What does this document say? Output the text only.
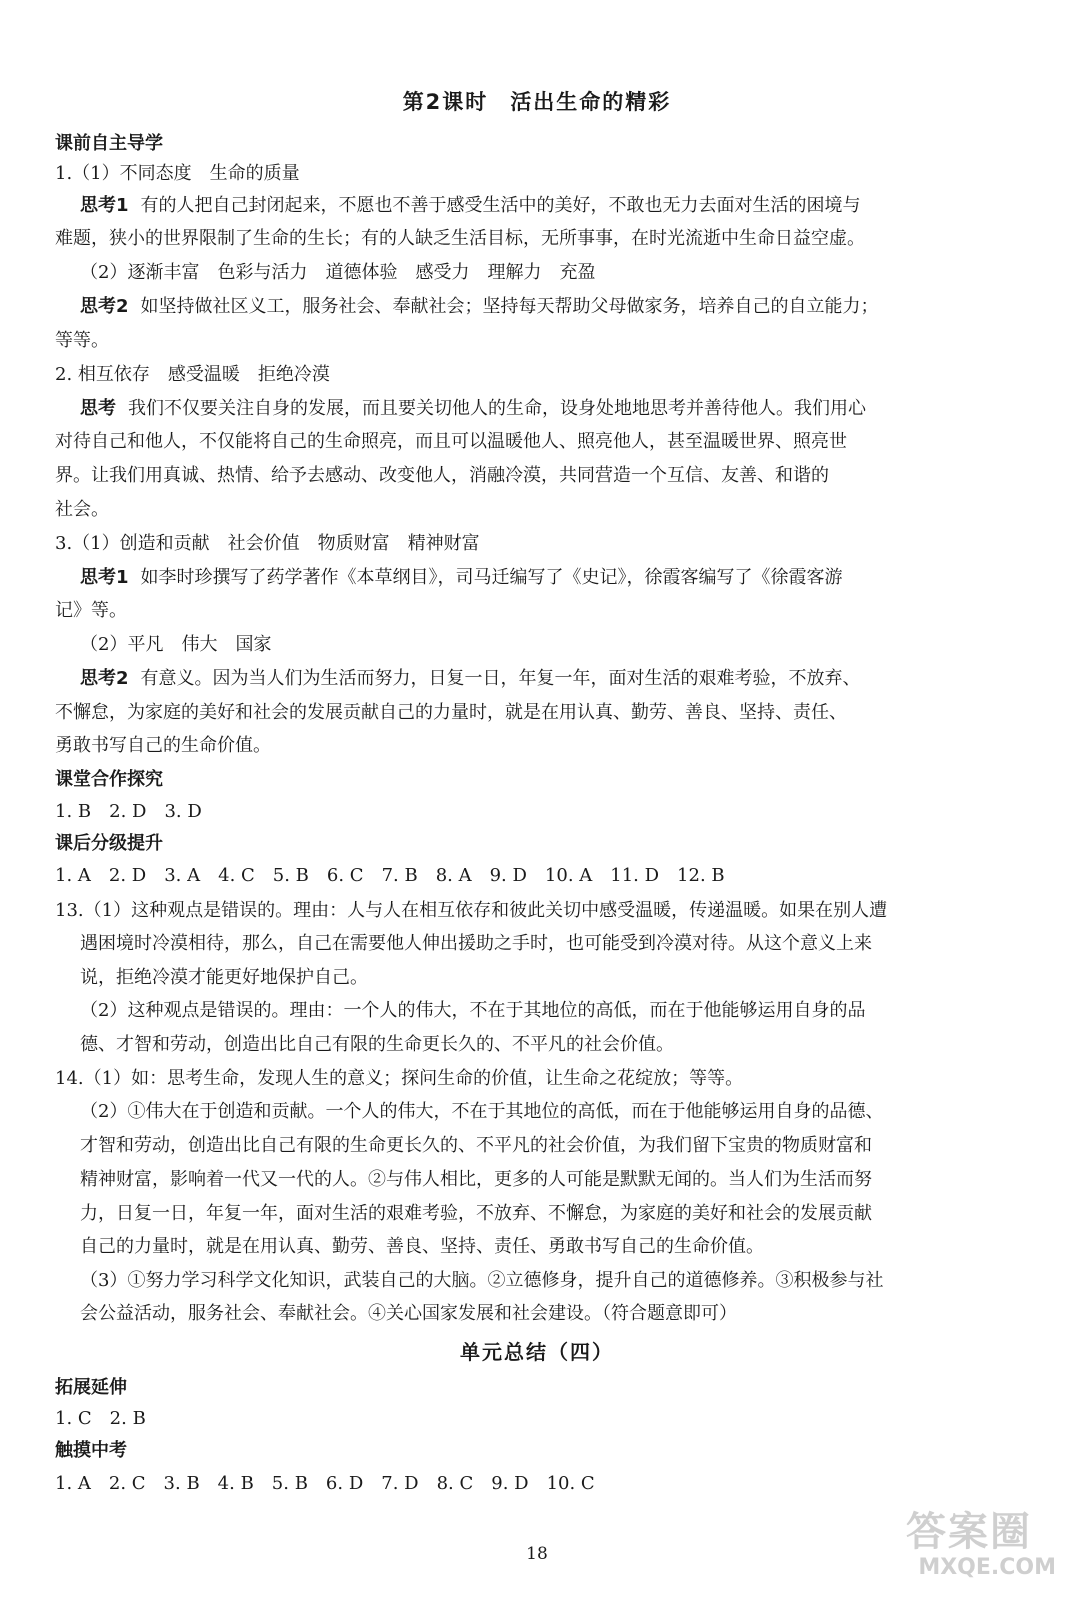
第2课时 活出生命的精彩
课前自主导学
1.（1）不同态度　生命的质量
思考1 有的人把自己封闭起来，不愿也不善于感受生活中的美好，不敢也无力去面对生活的困境与
难题，狭小的世界限制了生命的生长；有的人缺乏生活目标，无所事事，在时光流逝中生命日益空虚。
（2）逐渐丰富　色彩与活力　道德体验　感受力　理解力　充盈
思考2 如坚持做社区义工，服务社会、奉献社会；坚持每天帮助父母做家务，培养自己的自立能力；
等等。
2. 相互依存　感受温暖　拒绝冷漠
思考 我们不仅要关注自身的发展，而且要关切他人的生命，设身处地地思考并善待他人。我们用心
对待自己和他人，不仅能将自己的生命照亮，而且可以温暖他人、照亮他人，甚至温暖世界、照亮世
界。让我们用真诚、热情、给予去感动、改变他人，消融冷漠，共同营造一个互信、友善、和谐的
社会。
3.（1）创造和贡献　社会价值　物质财富　精神财富
思考1 如李时珍撰写了药学著作《本草纲目》，司马迁编写了《史记》，徐霞客编写了《徐霞客游
记》等。
（2）平凡　伟大　国家
思考2 有意义。因为当人们为生活而努力，日复一日，年复一年，面对生活的艰难考验，不放弃、
不懈怠，为家庭的美好和社会的发展贡献自己的力量时，就是在用认真、勤劳、善良、坚持、责任、
勇敢书写自己的生命价值。
课堂合作探究
1. B　2. D　3. D
课后分级提升
1. A　2. D　3. A　4. C　5. B　6. C　7. B　8. A　9. D　10. A　11. D　12. B
13.（1）这种观点是错误的。理由：人与人在相互依存和彼此关切中感受温暖，传递温暖。如果在别人遭
遇困境时冷漠相待，那么，自己在需要他人伸出援助之手时，也可能受到冷漠对待。从这个意义上来
说，拒绝冷漠才能更好地保护自己。
（2）这种观点是错误的。理由：一个人的伟大，不在于其地位的高低，而在于他能够运用自身的品
德、才智和劳动，创造出比自己有限的生命更长久的、不平凡的社会价值。
14.（1）如：思考生命，发现人生的意义；探问生命的价值，让生命之花绽放；等等。
（2）①伟大在于创造和贡献。一个人的伟大，不在于其地位的高低，而在于他能够运用自身的品德、
才智和劳动，创造出比自己有限的生命更长久的、不平凡的社会价值，为我们留下宝贵的物质财富和
精神财富，影响着一代又一代的人。②与伟人相比，更多的人可能是默默无闻的。当人们为生活而努
力，日复一日，年复一年，面对生活的艰难考验，不放弃、不懈怠，为家庭的美好和社会的发展贡献
自己的力量时，就是在用认真、勤劳、善良、坚持、责任、勇敢书写自己的生命价值。
（3）①努力学习科学文化知识，武装自己的大脑。②立德修身，提升自己的道德修养。③积极参与社
会公益活动，服务社会、奉献社会。④关心国家发展和社会建设。（符合题意即可）
单元总结（四）
拓展延伸
1. C　2. B
触摸中考
1. A　2. C　3. B　4. B　5. B　6. D　7. D　8. C　9. D　10. C
18	答案圈
MXQE.COM
